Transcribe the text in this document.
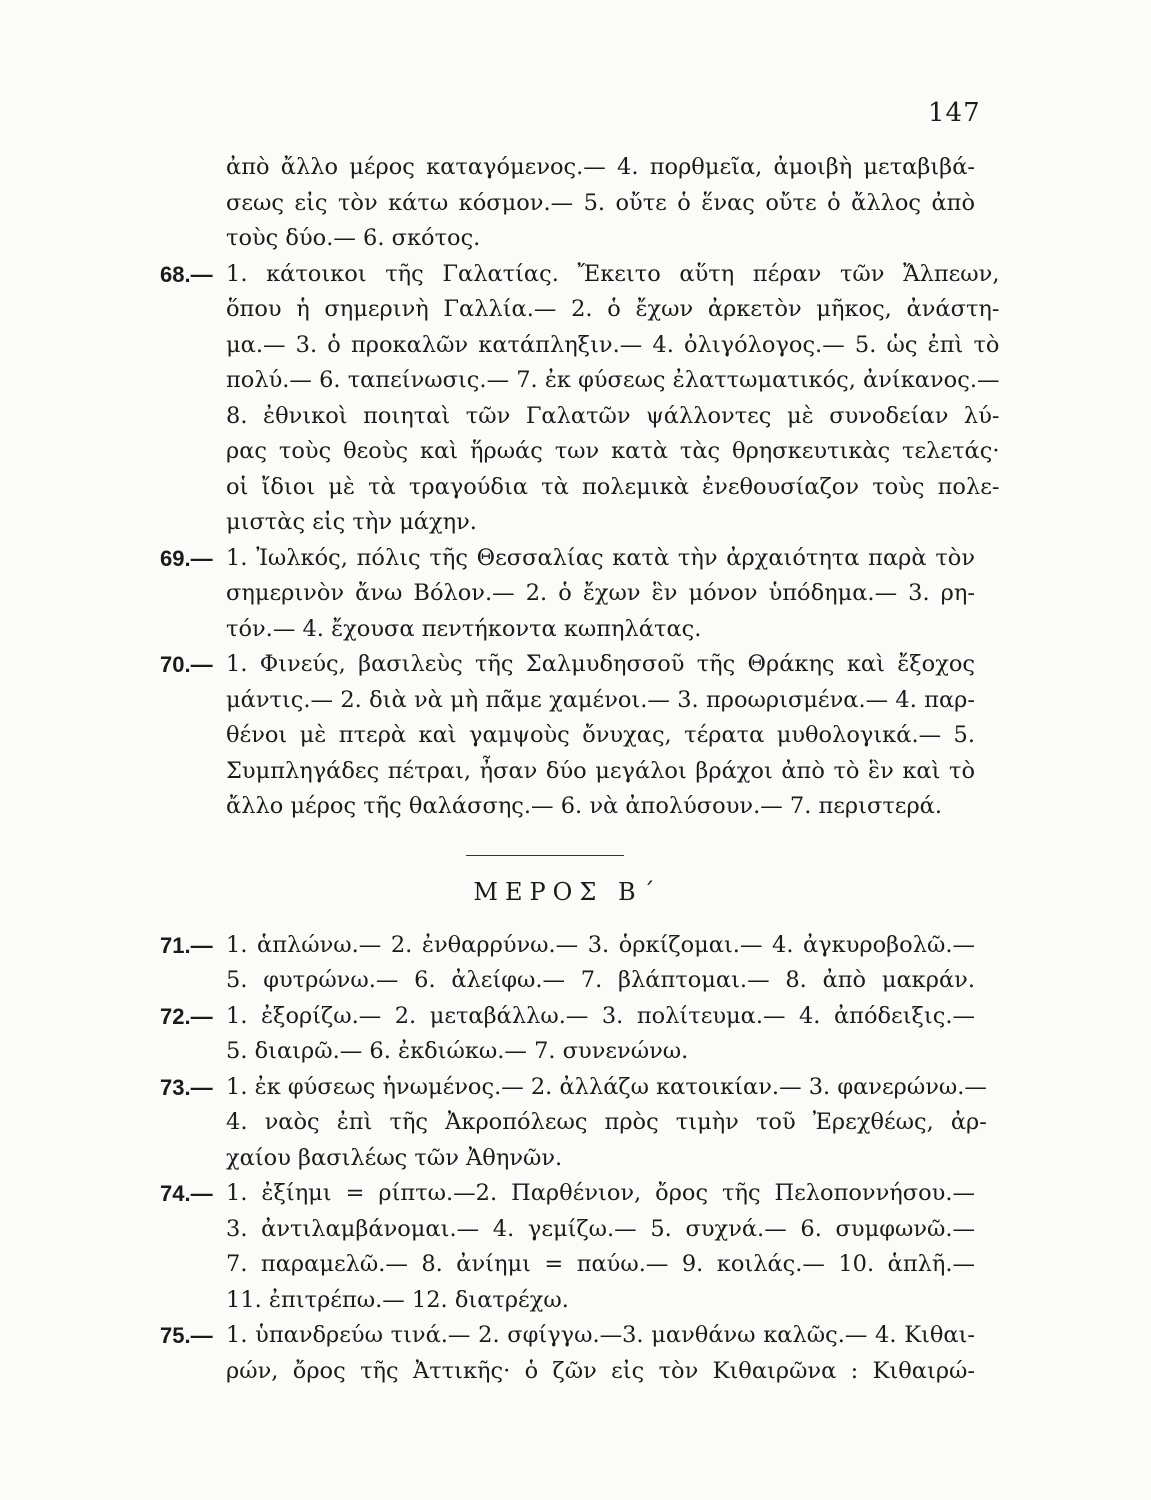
147
ἀπὸ ἄλλο μέρος καταγόμενος.— 4. πορθμεῖα, ἀμοιβὴ μεταβιβά-
σεως εἰς τὸν κάτω κόσμον.— 5. οὔτε ὁ ἕνας οὔτε ὁ ἄλλος ἀπὸ
τοὺς δύο.— 6. σκότος.
68.— 1. κάτοικοι τῆς Γαλατίας. Ἔκειτο αὕτη πέραν τῶν Ἄλπεων,
ὅπου ἡ σημερινὴ Γαλλία.— 2. ὁ ἔχων ἀρκετὸν μῆκος, ἀνάστη-
μα.— 3. ὁ προκαλῶν κατάπληξιν.— 4. ὀλιγόλογος.— 5. ὡς ἐπὶ τὸ
πολύ.— 6. ταπείνωσις.— 7. ἐκ φύσεως ἐλαττωματικός, ἀνίκανος.—
8. ἐθνικοὶ ποιηταὶ τῶν Γαλατῶν ψάλλοντες μὲ συνοδείαν λύ-
ρας τοὺς θεοὺς καὶ ἥρωάς των κατὰ τὰς θρησκευτικὰς τελετάς·
οἱ ἴδιοι μὲ τὰ τραγούδια τὰ πολεμικὰ ἐνεθουσίαζον τοὺς πολε-
μιστὰς εἰς τὴν μάχην.
69.— 1. Ἰωλκός, πόλις τῆς Θεσσαλίας κατὰ τὴν ἀρχαιότητα παρὰ τὸν
σημερινὸν ἄνω Βόλον.— 2. ὁ ἔχων ἓν μόνον ὑπόδημα.— 3. ρη-
τόν.— 4. ἔχουσα πεντήκοντα κωπηλάτας.
70.— 1. Φινεύς, βασιλεὺς τῆς Σαλμυδησσοῦ τῆς Θράκης καὶ ἔξοχος
μάντις.— 2. διὰ νὰ μὴ πᾶμε χαμένοι.— 3. προωρισμένα.— 4. παρ-
θένοι μὲ πτερὰ καὶ γαμψοὺς ὄνυχας, τέρατα μυθολογικά.— 5.
Συμπληγάδες πέτραι, ἦσαν δύο μεγάλοι βράχοι ἀπὸ τὸ ἓν καὶ τὸ
ἄλλο μέρος τῆς θαλάσσης.— 6. νὰ ἀπολύσουν.— 7. περιστερά.
ΜΕΡΟΣ Β΄
71.— 1. ἁπλώνω.— 2. ἐνθαρρύνω.— 3. ὁρκίζομαι.— 4. ἀγκυροβολῶ.—
5. φυτρώνω.— 6. ἀλείφω.— 7. βλάπτομαι.— 8. ἀπὸ μακράν.
72.— 1. ἐξορίζω.— 2. μεταβάλλω.— 3. πολίτευμα.— 4. ἀπόδειξις.—
5. διαιρῶ.— 6. ἐκδιώκω.— 7. συνενώνω.
73.— 1. ἐκ φύσεως ἡνωμένος.— 2. ἀλλάζω κατοικίαν.— 3. φανερώνω.—
4. ναὸς ἐπὶ τῆς Ἀκροπόλεως πρὸς τιμὴν τοῦ Ἐρεχθέως, ἀρ-
χαίου βασιλέως τῶν Ἀθηνῶν.
74.— 1. ἐξίημι = ρίπτω.—2. Παρθένιον, ὄρος τῆς Πελοποννήσου.—
3. ἀντιλαμβάνομαι.— 4. γεμίζω.— 5. συχνά.— 6. συμφωνῶ.—
7. παραμελῶ.— 8. ἀνίημι = παύω.— 9. κοιλάς.— 10. ἁπλῆ.—
11. ἐπιτρέπω.— 12. διατρέχω.
75.— 1. ὑπανδρεύω τινά.— 2. σφίγγω.—3. μανθάνω καλῶς.— 4. Κιθαι-
ρών, ὄρος τῆς Ἀττικῆς· ὁ ζῶν εἰς τὸν Κιθαιρῶνα : Κιθαιρώ-
